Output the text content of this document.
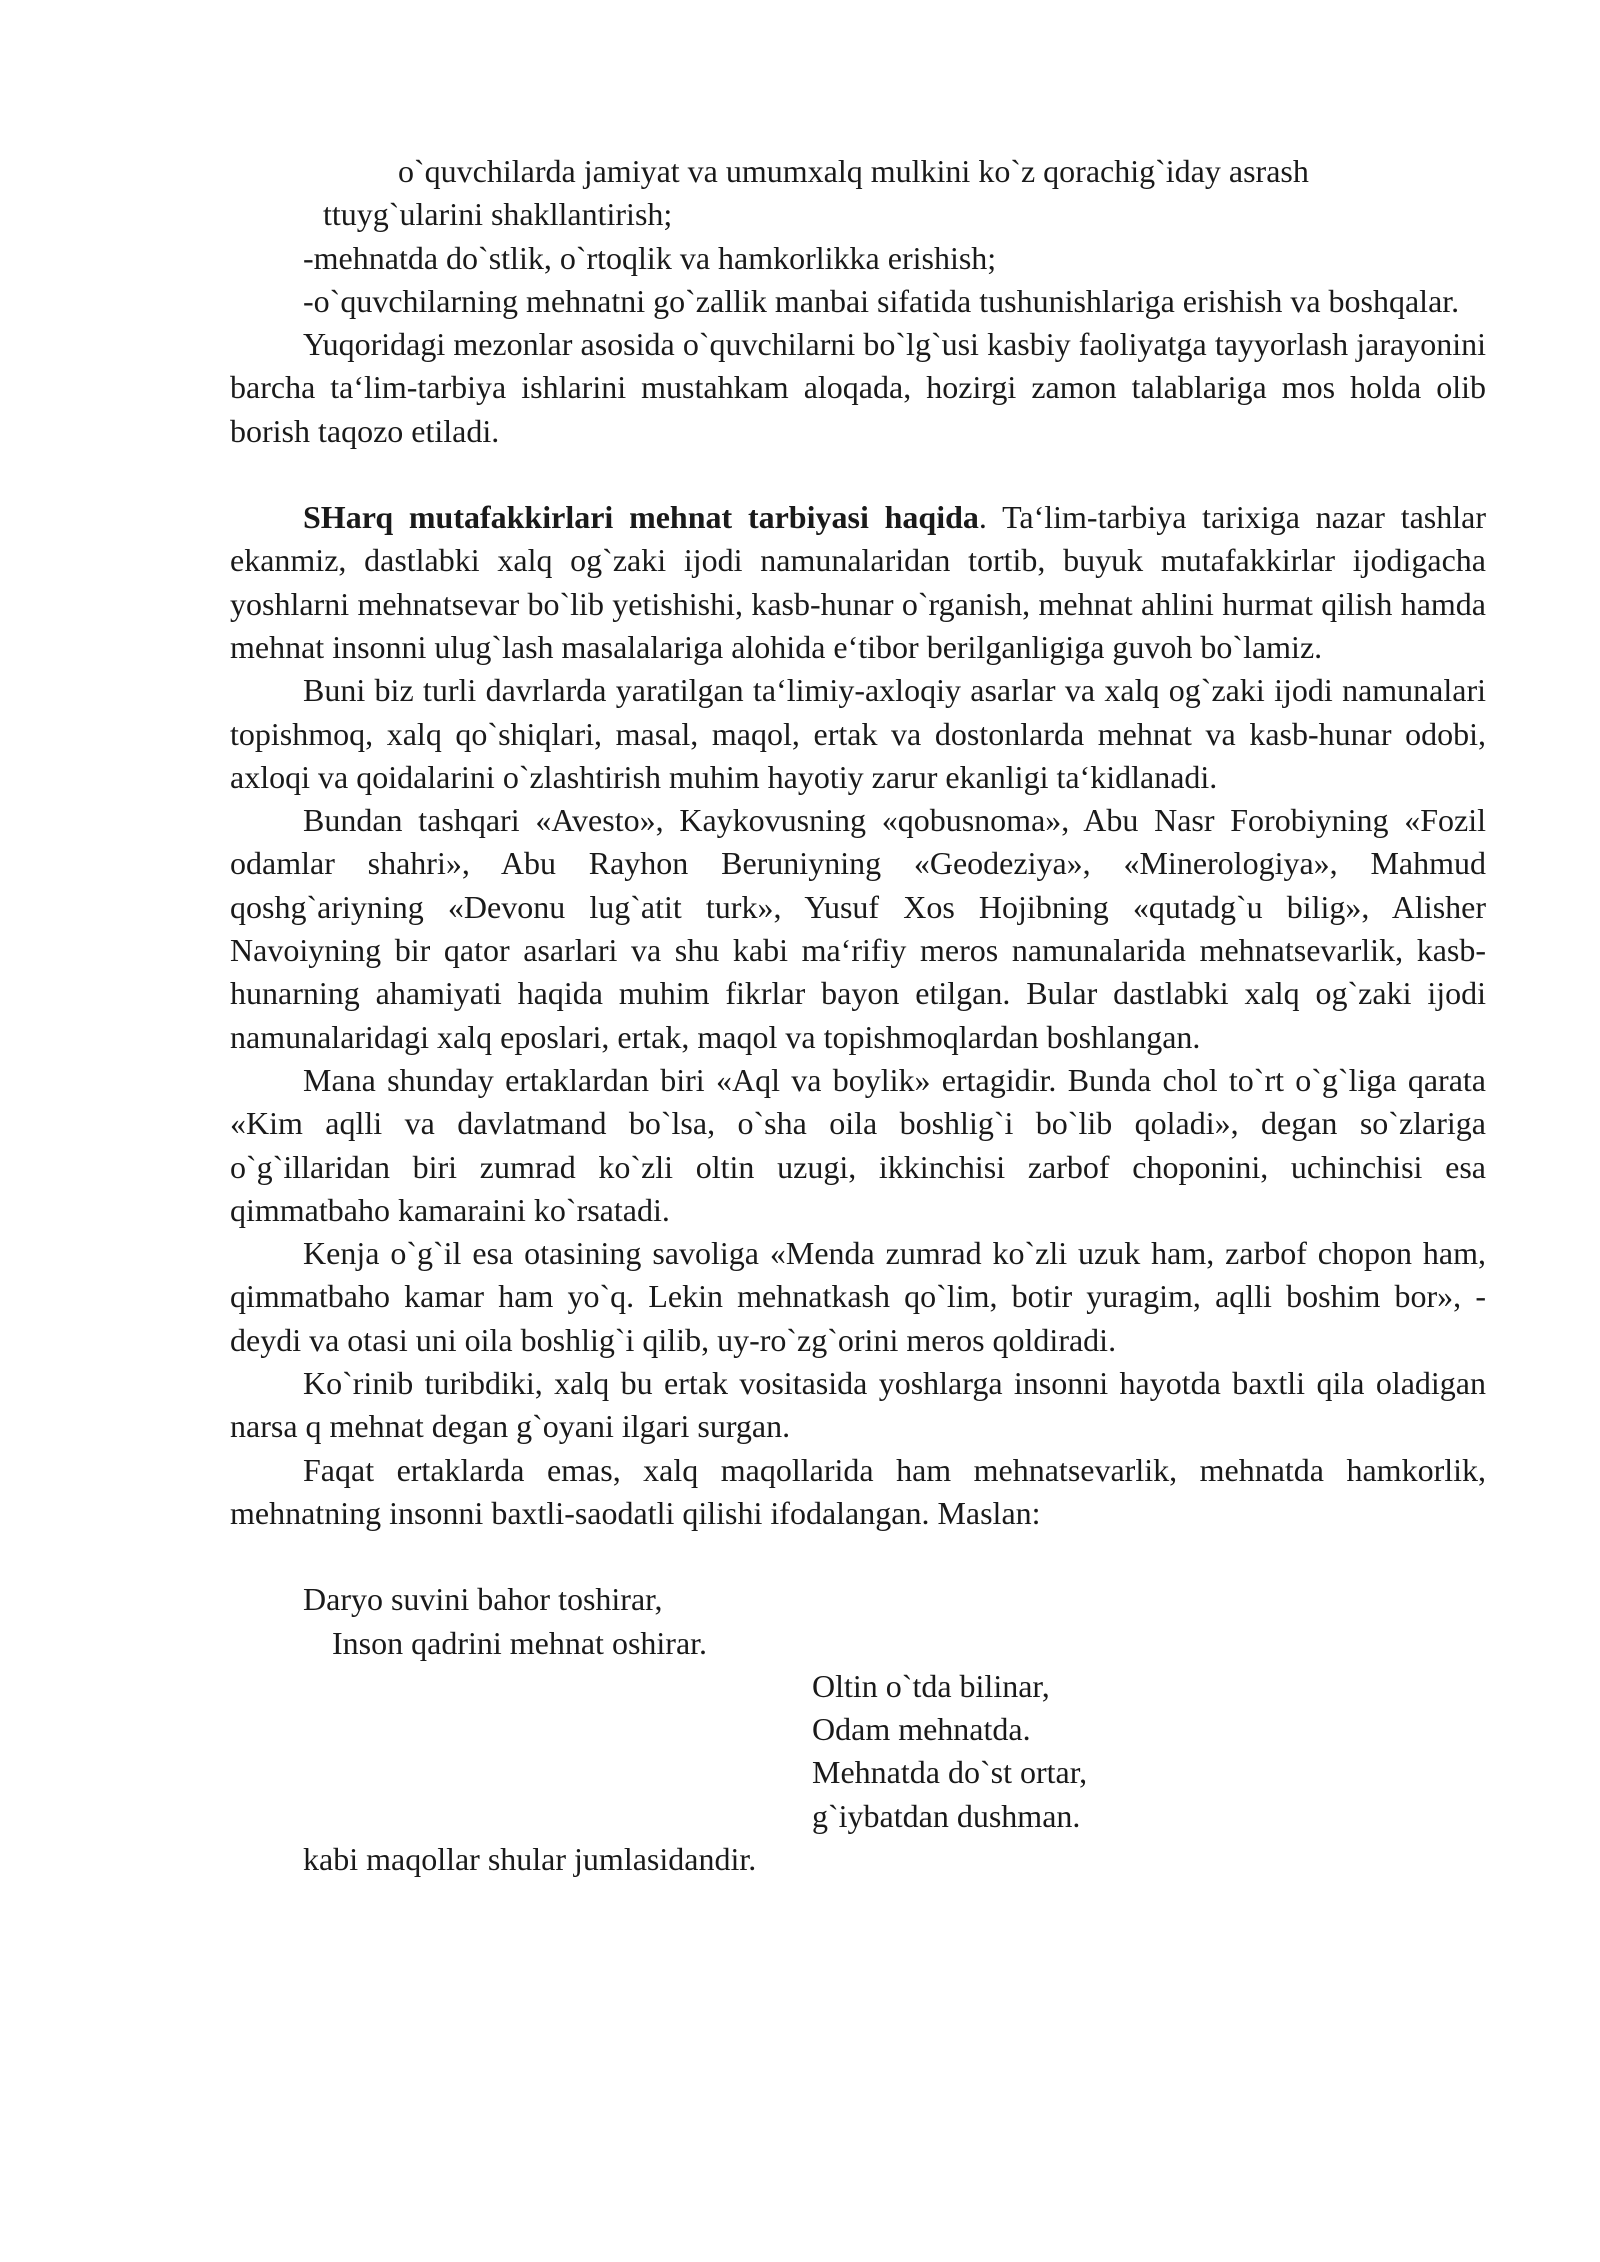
o`quvchilarda jamiyat va umumxalq mulkini ko`z qorachig`iday asrash

ttuyg`ularini shakllantirish;

-mehnatda do`stlik, o`rtoqlik va hamkorlikka erishish;

-o`quvchilarning mehnatni go`zallik manbai sifatida tushunishlariga erishish va boshqalar.

Yuqoridagi mezonlar asosida o`quvchilarni bo`lg`usi kasbiy faoliyatga tayyorlash jarayonini barcha ta‘lim-tarbiya ishlarini mustahkam aloqada, hozirgi zamon talablariga mos holda olib borish taqozo etiladi.

SHarq mutafakkirlari mehnat tarbiyasi haqida. Ta‘lim-tarbiya tarixiga nazar tashlar ekanmiz, dastlabki xalq og`zaki ijodi namunalaridan tortib, buyuk mutafakkirlar ijodigacha yoshlarni mehnatsevar bo`lib yetishishi, kasb-hunar o`rganish, mehnat ahlini hurmat qilish hamda mehnat insonni ulug`lash masalalariga alohida e‘tibor berilganligiga guvoh bo`lamiz.

Buni biz turli davrlarda yaratilgan ta‘limiy-axloqiy asarlar va xalq og`zaki ijodi namunalari topishmoq, xalq qo`shiqlari, masal, maqol, ertak va dostonlarda mehnat va kasb-hunar odobi, axloqi va qoidalarini o`zlashtirish muhim hayotiy zarur ekanligi ta‘kidlanadi.

Bundan tashqari «Avesto», Kaykovusning «qobusnoma», Abu Nasr Forobiyning «Fozil odamlar shahri», Abu Rayhon Beruniyning «Geodeziya», «Minerologiya», Mahmud qoshg`ariyning «Devonu lug`atit turk», Yusuf Xos Hojibning «qutadg`u bilig», Alisher Navoiyning bir qator asarlari va shu kabi ma‘rifiy meros namunalarida mehnatsevarlik, kasb-hunarning ahamiyati haqida muhim fikrlar bayon etilgan. Bular dastlabki xalq og`zaki ijodi namunalaridagi xalq eposlari, ertak, maqol va topishmoqlardan boshlangan.

Mana shunday ertaklardan biri «Aql va boylik» ertagidir. Bunda chol to`rt o`g`liga qarata «Kim aqlli va davlatmand bo`lsa, o`sha oila boshlig`i bo`lib qoladi», degan so`zlariga o`g`illaridan biri zumrad ko`zli oltin uzugi, ikkinchisi zarbof choponini, uchinchisi esa qimmatbaho kamaraini ko`rsatadi.

Kenja o`g`il esa otasining savoliga «Menda zumrad ko`zli uzuk ham, zarbof chopon ham, qimmatbaho kamar ham yo`q. Lekin mehnatkash qo`lim, botir yuragim, aqlli boshim bor», - deydi va otasi uni oila boshlig`i qilib, uy-ro`zg`orini meros qoldiradi.

Ko`rinib turibdiki, xalq bu ertak vositasida yoshlarga insonni hayotda baxtli qila oladigan narsa q mehnat degan g`oyani ilgari surgan.

Faqat ertaklarda emas, xalq maqollarida ham mehnatsevarlik, mehnatda hamkorlik, mehnatning insonni baxtli-saodatli qilishi ifodalangan. Maslan:

Daryo suvini bahor toshirar,

Inson qadrini mehnat oshirar.

Oltin o`tda bilinar,

Odam mehnatda.

Mehnatda do`st ortar,

g`iybatdan dushman.

kabi maqollar shular jumlasidandir.
